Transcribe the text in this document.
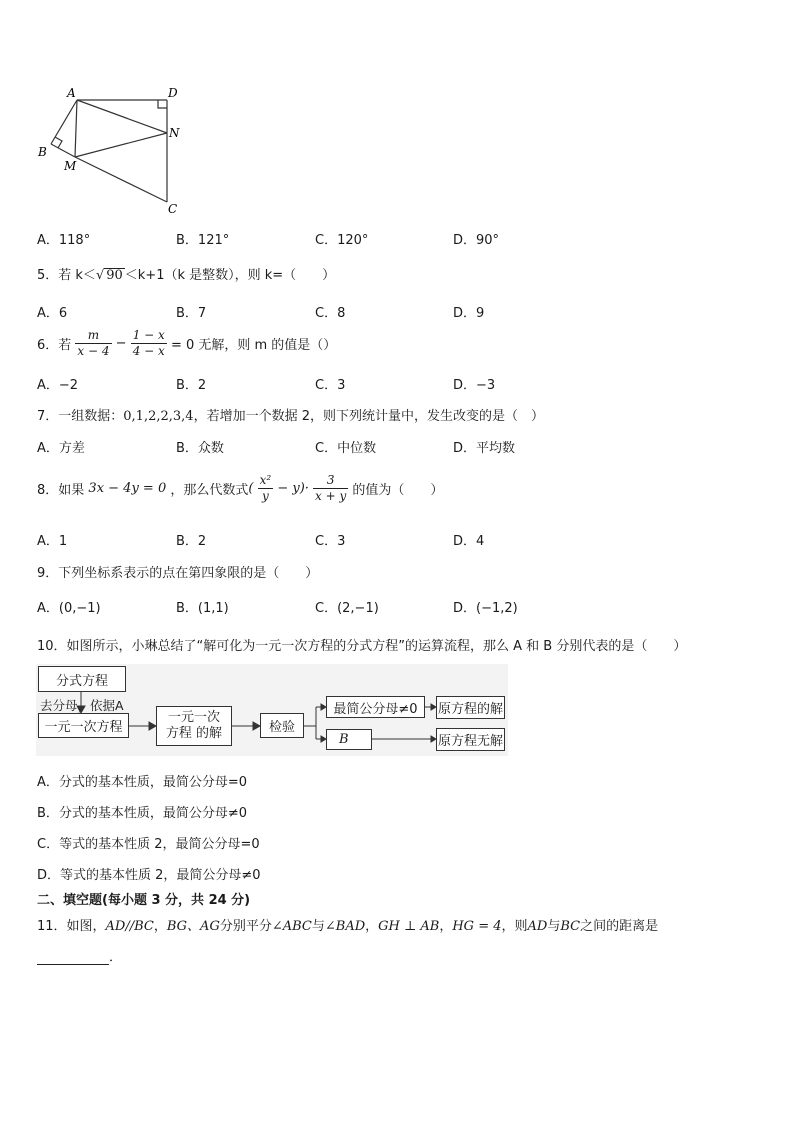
A	D
B
M
N
C
A．118°	B．121°	C．120°	D．90°
5．若 k＜√ 90 ＜k+1（k 是整数），则 k=（　　）
A．6	B．7	C．8	D．9
6．若 $\frac{m}{x - 4} - \frac{1 - x}{4 - x} = 0$ 无解，则 m 的值是（）
A．−2	B．2	C．3	D．−3
7．一组数据：0,1,2,2,3,4，若增加一个数据 2，则下列统计量中，发生改变的是（　）
A．方差	B．众数	C．中位数	D．平均数
8．如果 3x − 4y = 0 ，那么代数式( $\frac{\text{x²}}{y} - y)\cdot \frac{3}{x + y}$ 的值为（　　）
A．1	B．2	C．3	D．4
9．下列坐标系表示的点在第四象限的是（　　）
A．(0,−1)	B．(1,1)	C．(2,−1)	D．(−1,2)
10．如图所示，小琳总结了“解可化为一元一次方程的分式方程”的运算流程，那么 A 和 B 分别代表的是（　　）
分式方程
去分母，依据A
一元一次方程
一元一次
方程 的解	检验
最简公分母≠0
B
原方程的解
原方程无解
A．分式的基本性质，最简公分母=0
B．分式的基本性质，最简公分母≠0
C．等式的基本性质 2，最简公分母=0
D．等式的基本性质 2，最简公分母≠0
二、填空题(每小题 3 分，共 24 分)
11．如图，AD//BC，BG、AG分别平分∠ABC与∠BAD，GH ⊥ AB，HG = 4，则AD与BC之间的距离是
．
